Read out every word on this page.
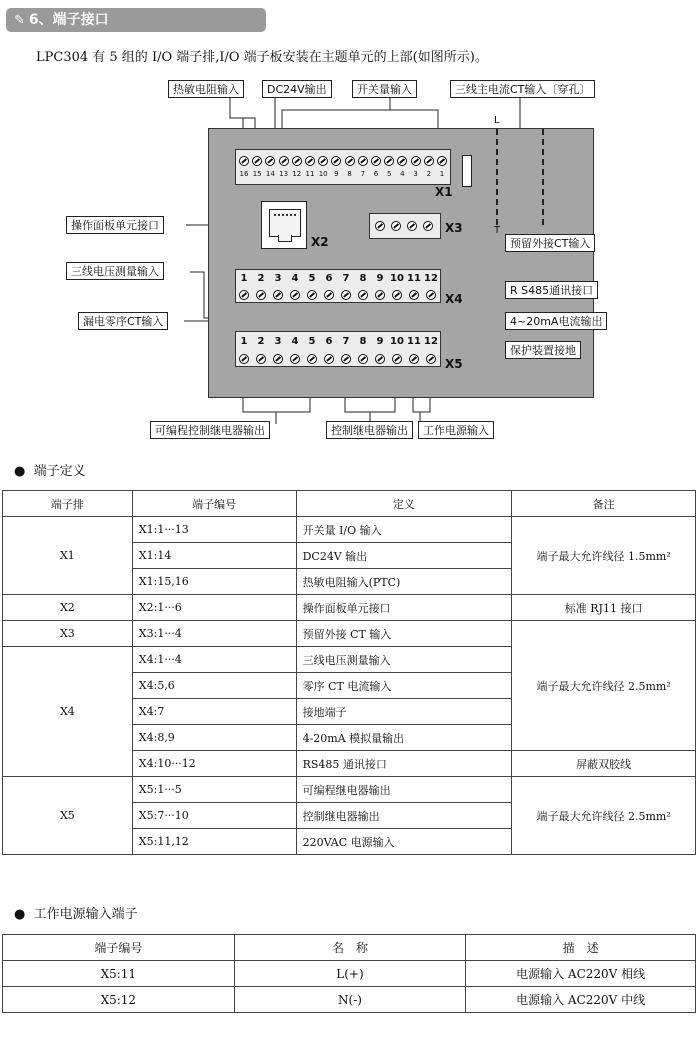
✎ 6、端子接口
LPC304 有 5 组的 I/O 端子排,I/O 端子板安装在主题单元的上部(如图所示)。
16 15 14 13 12 11 10 9	8	7	6	5	4	3	2	1
X1
L
T
X2
X3
1	2	3	4	5	6	7	8	9 10 11 12
X4
1	2	3	4	5	6	7	8	9 10 11 12
X5
热敏电阻输入	DC24V输出	开关量输入	三线主电流CT输入〔穿孔〕
操作面板单元接口
预留外接CT输入
三线电压测量输入
R S485通讯接口
漏电零序CT输入	4~20mA电流输出
保护装置接地
可编程控制继电器输出	控制继电器输出	工作电源输入
●  端子定义
端子排	端子编号	定义	备注
X1	X1:1···13	开关量 I/O 输入	端子最大允许线径 1.5mm²
	X1:14	DC24V 输出	
	X1:15,16	热敏电阻输入(PTC)	
X2	X2:1···6	操作面板单元接口	标准 RJ11 接口
X3	X3:1···4	预留外接 CT 输入	端子最大允许线径 2.5mm²
X4	X4:1···4	三线电压测量输入	
	X4:5,6	零序 CT 电流输入	
	X4:7	接地端子	
	X4:8,9	4-20mA 模拟量输出	
	X4:10···12	RS485 通讯接口	屏蔽双胶线
X5	X5:1···5	可编程继电器输出	端子最大允许线径 2.5mm²
	X5:7···10	控制继电器输出	
	X5:11,12	220VAC 电源输入	
●  工作电源输入端子
端子编号	名　称	描　述
X5:11	L(+)	电源输入 AC220V 相线
X5:12	N(-)	电源输入 AC220V 中线
